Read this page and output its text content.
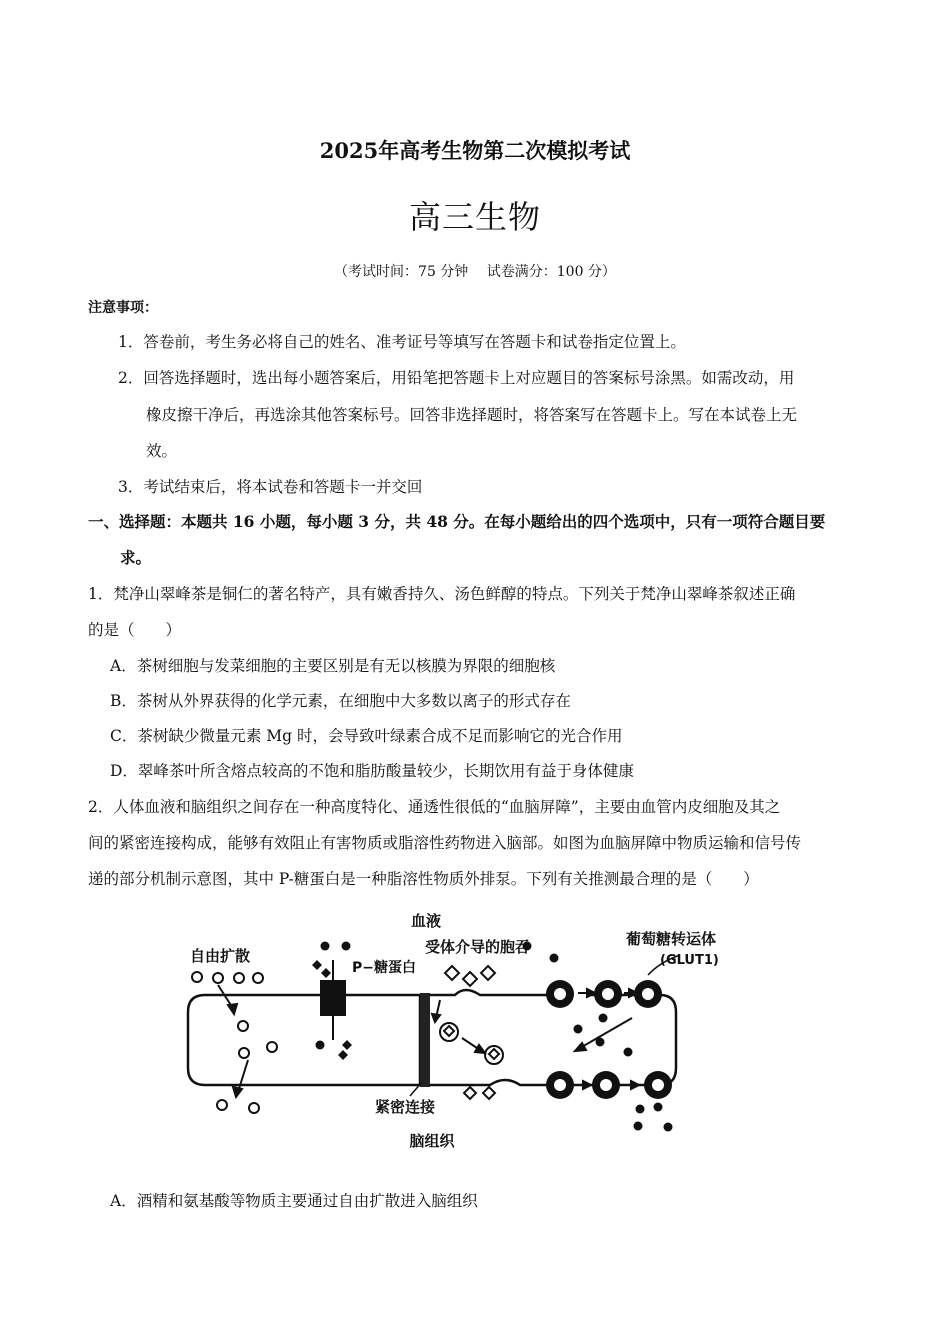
2025年高考生物第二次模拟考试
高三生物
（考试时间：75 分钟　 试卷满分：100 分）
注意事项：
1．答卷前，考生务必将自己的姓名、准考证号等填写在答题卡和试卷指定位置上。
2．回答选择题时，选出每小题答案后，用铅笔把答题卡上对应题目的答案标号涂黑。如需改动，用
橡皮擦干净后，再选涂其他答案标号。回答非选择题时，将答案写在答题卡上。写在本试卷上无
效。
3．考试结束后，将本试卷和答题卡一并交回
一、选择题：本题共 16 小题，每小题 3 分，共 48 分。在每小题给出的四个选项中，只有一项符合题目要
求。
1．梵净山翠峰茶是铜仁的著名特产，具有嫩香持久、汤色鲜醇的特点。下列关于梵净山翠峰茶叙述正确
的是（　　）
A．茶树细胞与发菜细胞的主要区别是有无以核膜为界限的细胞核
B．茶树从外界获得的化学元素，在细胞中大多数以离子的形式存在
C．茶树缺少微量元素 Mg 时，会导致叶绿素合成不足而影响它的光合作用
D．翠峰茶叶所含熔点较高的不饱和脂肪酸量较少，长期饮用有益于身体健康
2．人体血液和脑组织之间存在一种高度特化、通透性很低的“血脑屏障”，主要由血管内皮细胞及其之
间的紧密连接构成，能够有效阻止有害物质或脂溶性药物进入脑部。如图为血脑屏障中物质运输和信号传
递的部分机制示意图，其中 P-糖蛋白是一种脂溶性物质外排泵。下列有关推测最合理的是（　　）
血液
自由扩散
P−糖蛋白
受体介导的胞吞	葡萄糖转运体
(GLUT1)
紧密连接
脑组织
A．酒精和氨基酸等物质主要通过自由扩散进入脑组织
